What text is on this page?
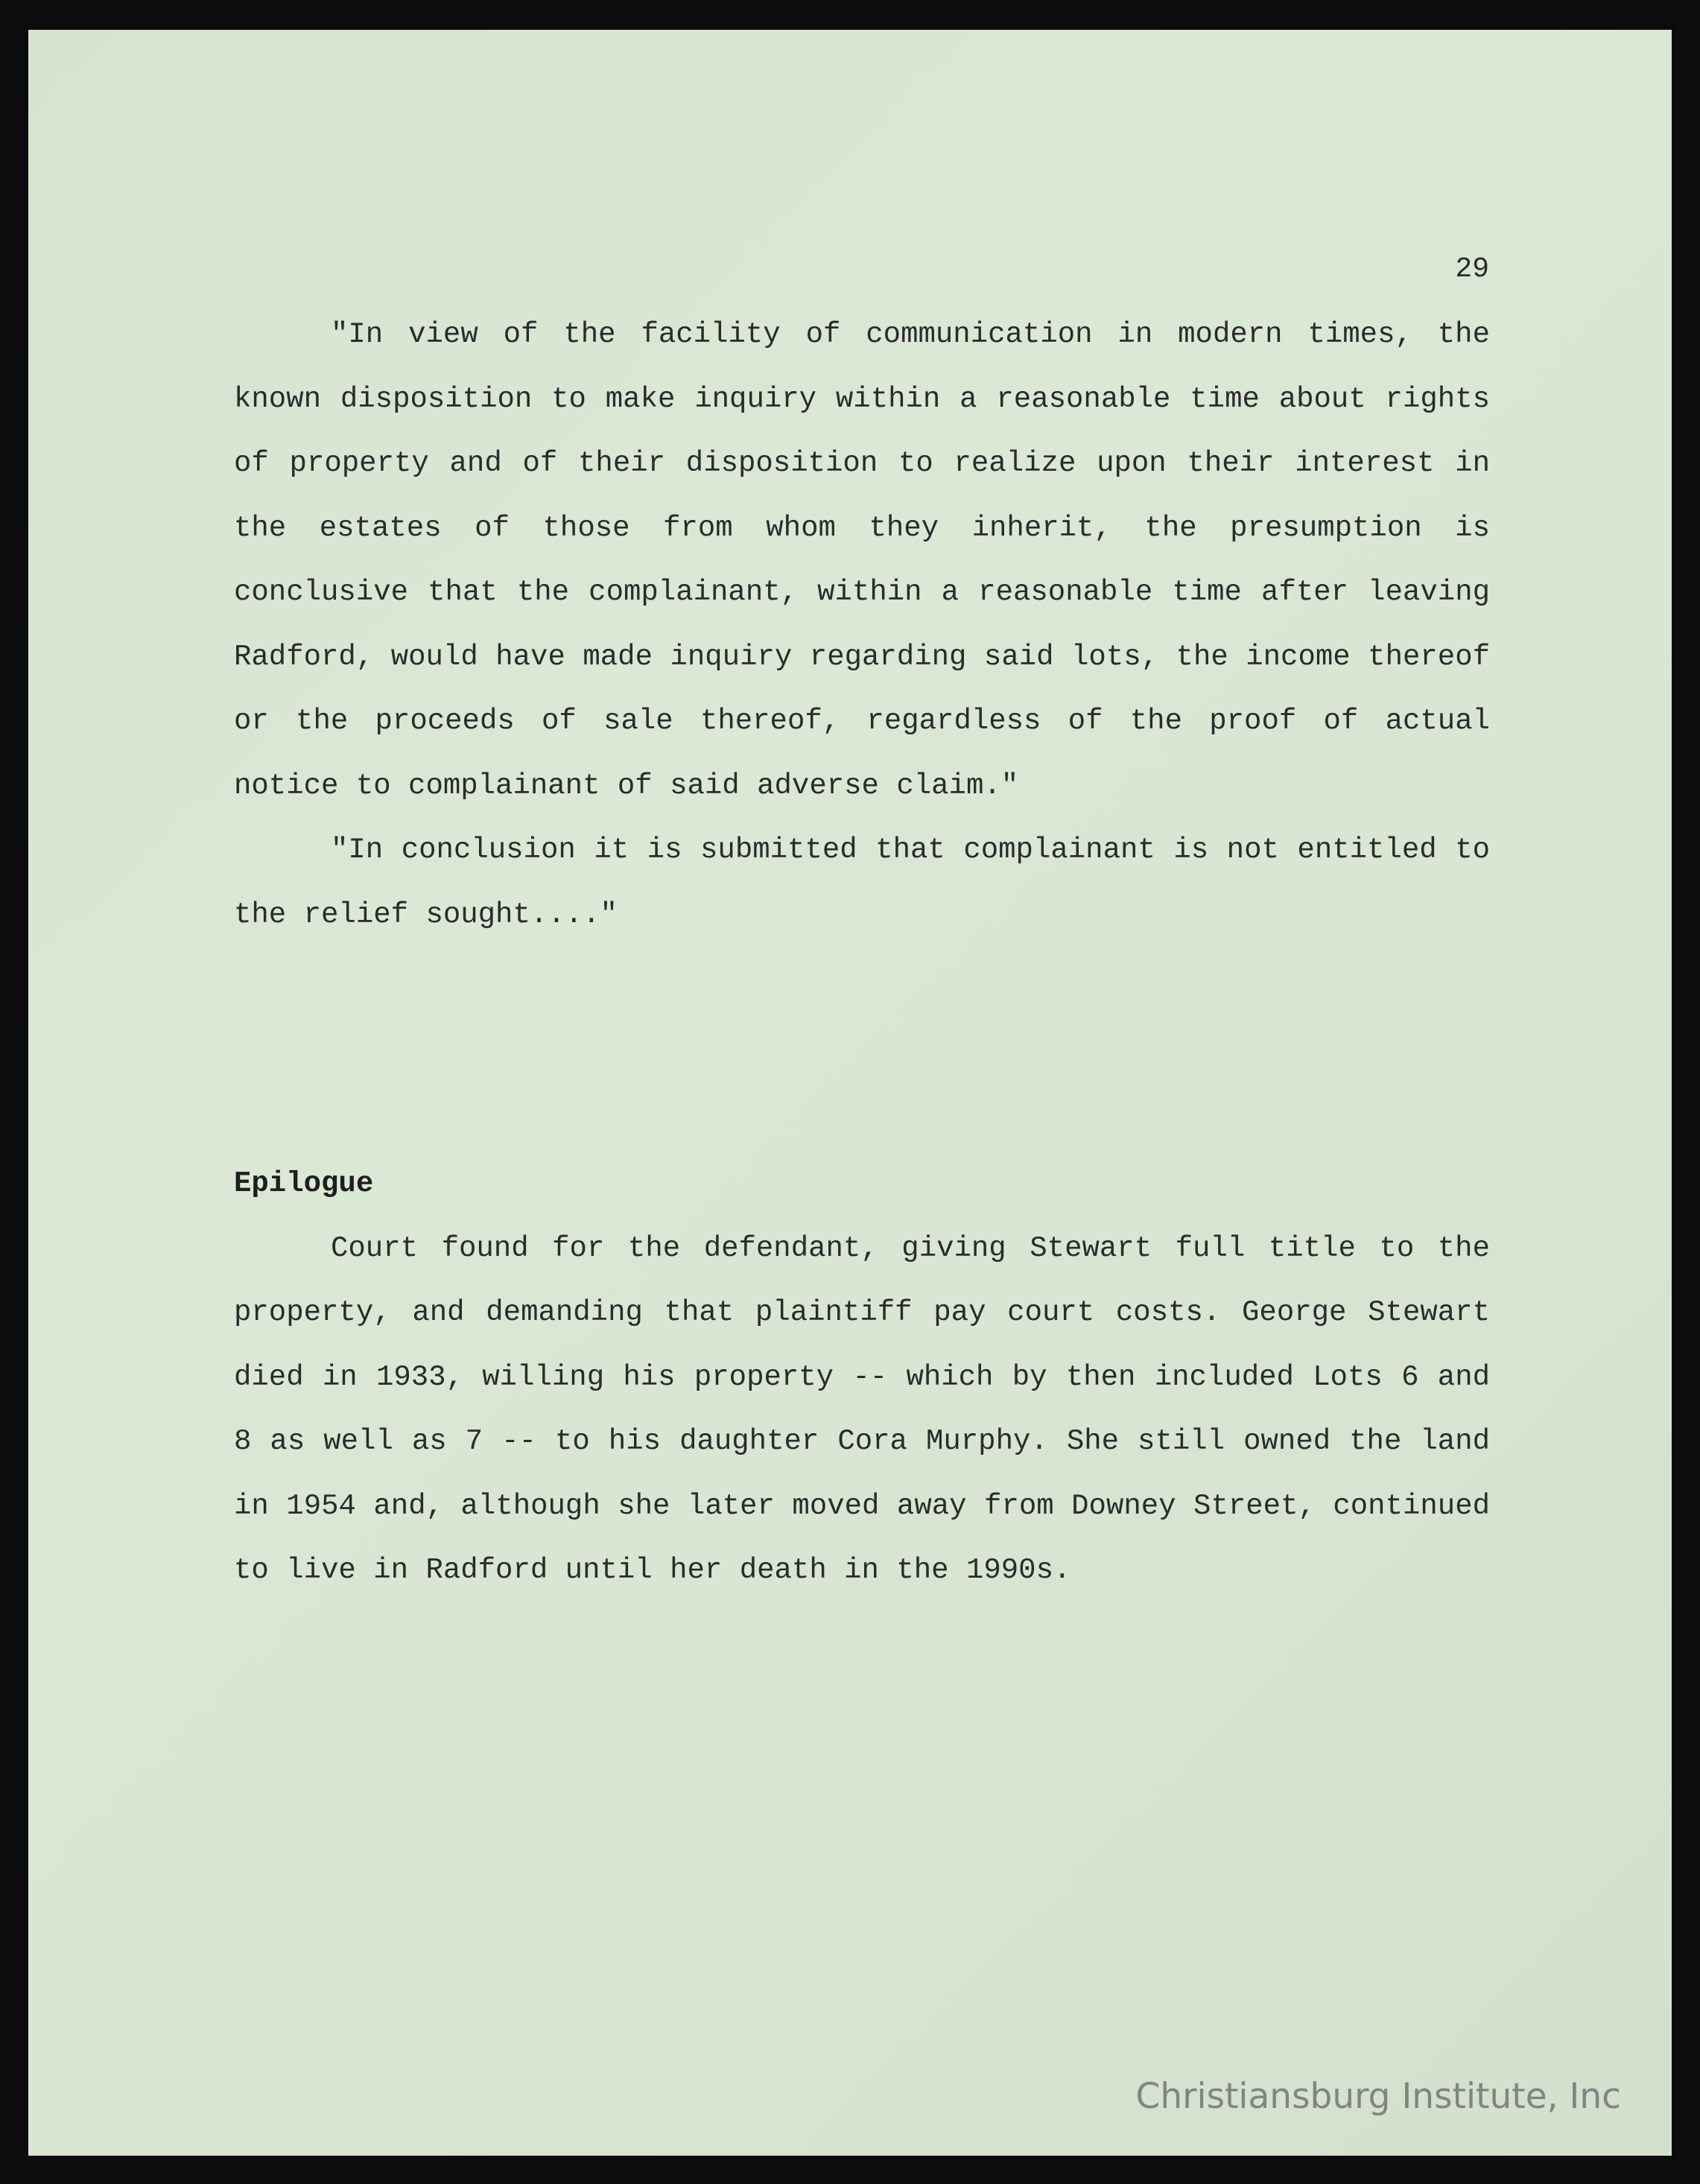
29

"In view of the facility of communication in modern times, the known disposition to make inquiry within a reasonable time about rights of property and of their disposition to realize upon their interest in the estates of those from whom they inherit, the presumption is conclusive that the complainant, within a reasonable time after leaving Radford, would have made inquiry regarding said lots, the income thereof or the proceeds of sale thereof, regardless of the proof of actual notice to complainant of said adverse claim."

"In conclusion it is submitted that complainant is not entitled to the relief sought...."

Epilogue

Court found for the defendant, giving Stewart full title to the property, and demanding that plaintiff pay court costs. George Stewart died in 1933, willing his property -- which by then included Lots 6 and 8 as well as 7 -- to his daughter Cora Murphy. She still owned the land in 1954 and, although she later moved away from Downey Street, continued to live in Radford until her death in the 1990s.

Christiansburg Institute, Inc
